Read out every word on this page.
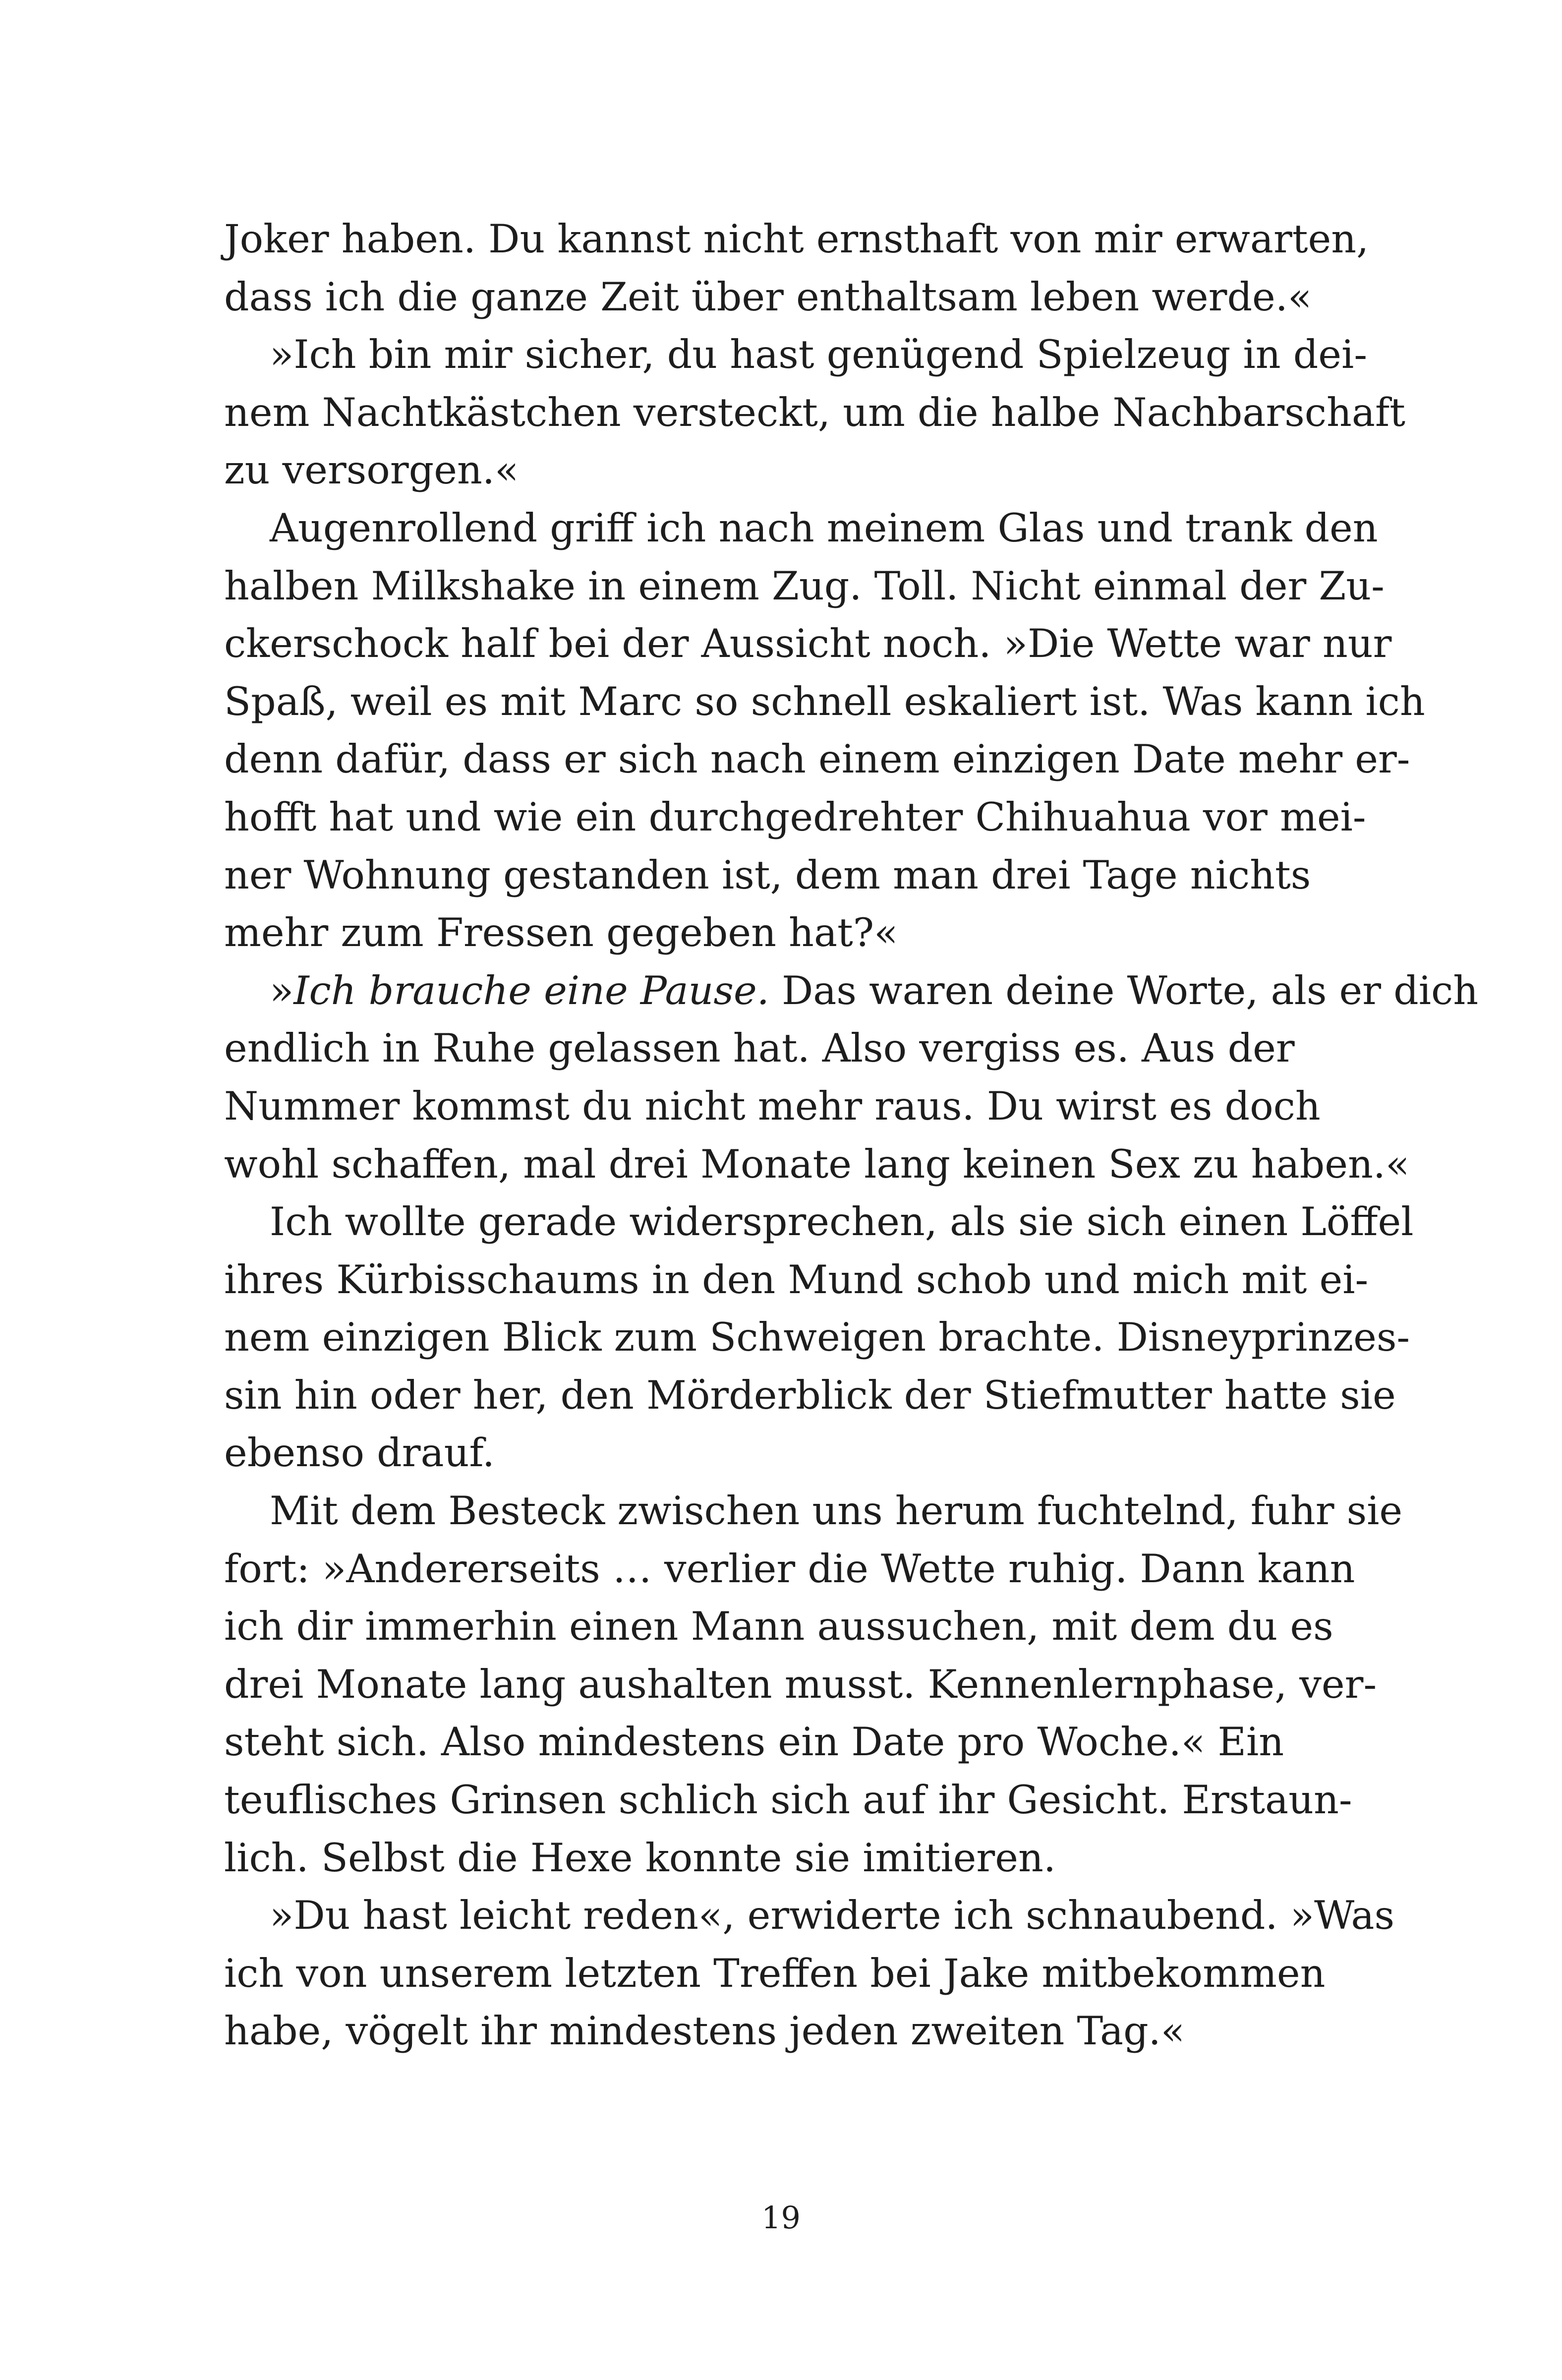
Joker haben. Du kannst nicht ernsthaft von mir erwarten,
dass ich die ganze Zeit über enthaltsam leben werde.«
»Ich bin mir sicher, du hast genügend Spielzeug in dei-
nem Nachtkästchen versteckt, um die halbe Nachbarschaft
zu versorgen.«
Augenrollend griff ich nach meinem Glas und trank den
halben Milkshake in einem Zug. Toll. Nicht einmal der Zu-
ckerschock half bei der Aussicht noch. »Die Wette war nur
Spaß, weil es mit Marc so schnell eskaliert ist. Was kann ich
denn dafür, dass er sich nach einem einzigen Date mehr er-
hofft hat und wie ein durchgedrehter Chihuahua vor mei-
ner Wohnung gestanden ist, dem man drei Tage nichts
mehr zum Fressen gegeben hat?«
»Ich brauche eine Pause. Das waren deine Worte, als er dich
endlich in Ruhe gelassen hat. Also vergiss es. Aus der
Nummer kommst du nicht mehr raus. Du wirst es doch
wohl schaffen, mal drei Monate lang keinen Sex zu haben.«
Ich wollte gerade widersprechen, als sie sich einen Löffel
ihres Kürbisschaums in den Mund schob und mich mit ei-
nem einzigen Blick zum Schweigen brachte. Disneyprinzes-
sin hin oder her, den Mörderblick der Stiefmutter hatte sie
ebenso drauf.
Mit dem Besteck zwischen uns herum fuchtelnd, fuhr sie
fort: »Andererseits … verlier die Wette ruhig. Dann kann
ich dir immerhin einen Mann aussuchen, mit dem du es
drei Monate lang aushalten musst. Kennenlernphase, ver-
steht sich. Also mindestens ein Date pro Woche.« Ein
teuflisches Grinsen schlich sich auf ihr Gesicht. Erstaun-
lich. Selbst die Hexe konnte sie imitieren.
»Du hast leicht reden«, erwiderte ich schnaubend. »Was
ich von unserem letzten Treffen bei Jake mitbekommen
habe, vögelt ihr mindestens jeden zweiten Tag.«
19
